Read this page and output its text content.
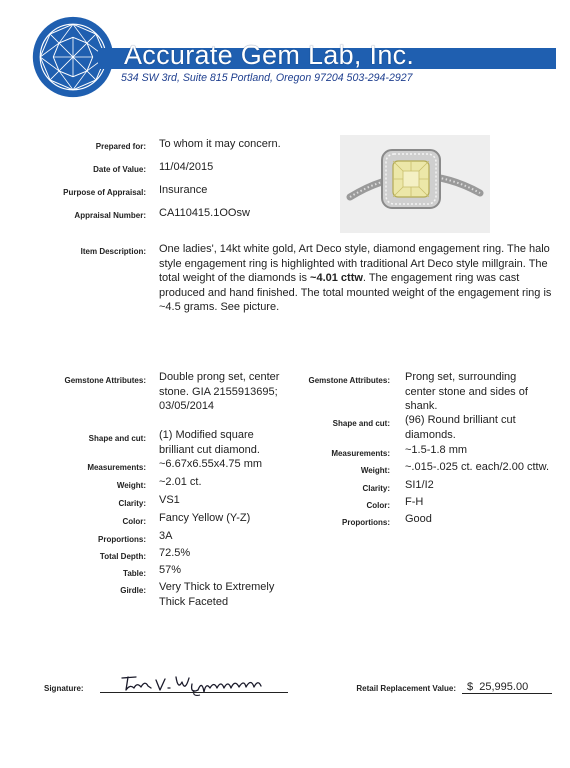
Accurate Gem Lab, Inc.
534 SW 3rd, Suite 815 Portland, Oregon 97204 503-294-2927
Prepared for: To whom it may concern.
Date of Value: 11/04/2015
Purpose of Appraisal: Insurance
Appraisal Number: CA110415.1OOsw
Item Description: One ladies', 14kt white gold, Art Deco style, diamond engagement ring. The halo style engagement ring is highlighted with traditional Art Deco style millgrain. The total weight of the diamonds is ~4.01 cttw. The engagement ring was cast produced and hand finished. The total mounted weight of the engagement ring is ~4.5 grams. See picture.
Gemstone Attributes: Double prong set, center stone. GIA 2155913695; 03/05/2014
Shape and cut: (1) Modified square brilliant cut diamond.
Measurements: ~6.67x6.55x4.75 mm
Weight: ~2.01 ct.
Clarity: VS1
Color: Fancy Yellow (Y-Z)
Proportions: 3A
Total Depth: 72.5%
Table: 57%
Girdle: Very Thick to Extremely Thick Faceted
Gemstone Attributes: Prong set, surrounding center stone and sides of shank.
Shape and cut: (96) Round brilliant cut diamonds.
Measurements: ~1.5-1.8 mm
Weight: ~.015-.025 ct. each/2.00 cttw.
Clarity: SI1/I2
Color: F-H
Proportions: Good
Signature:	Retail Replacement Value: $ 25,995.00
